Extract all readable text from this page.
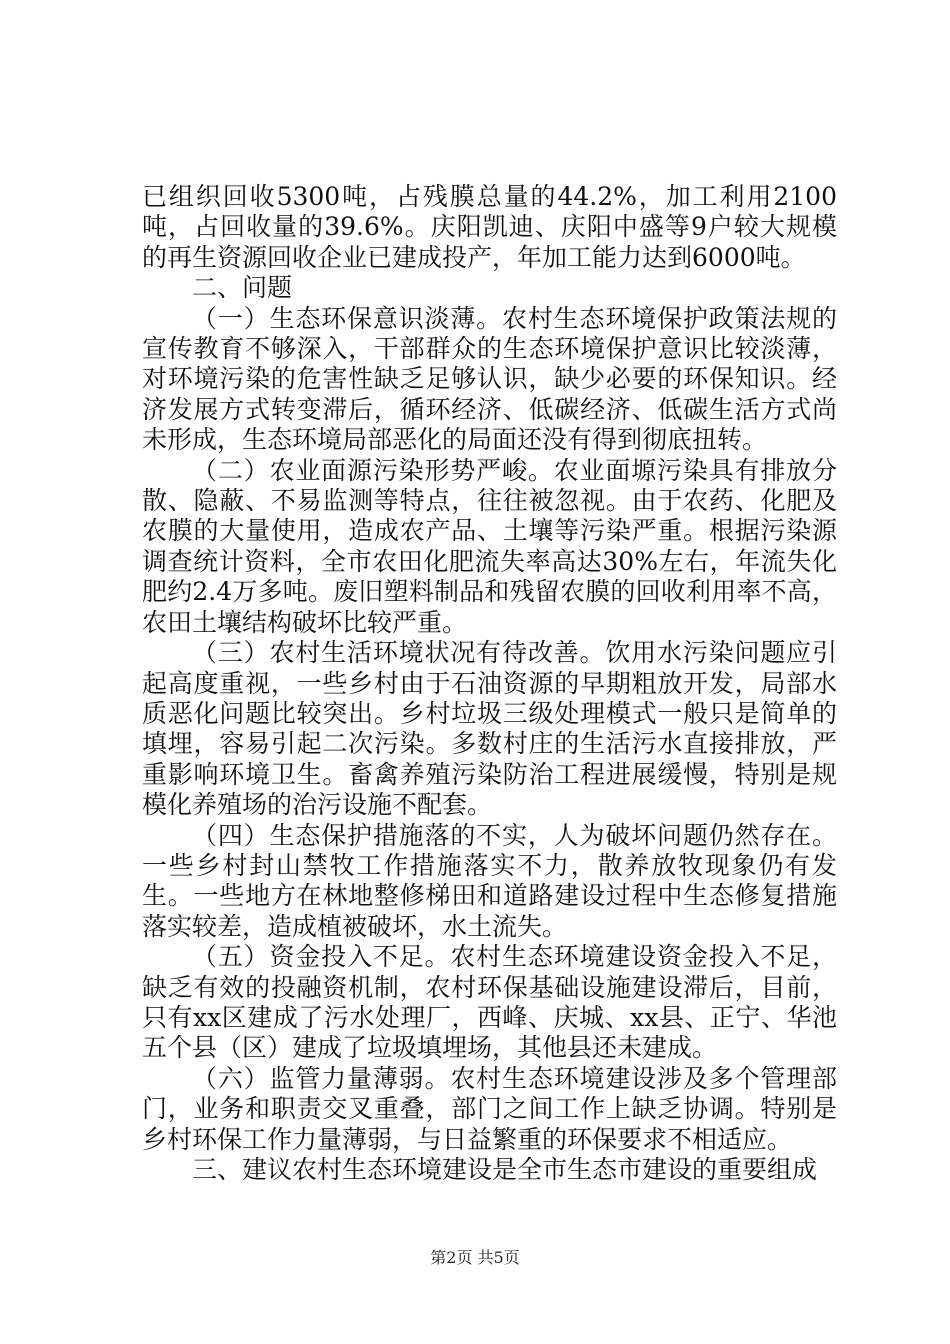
已组织回收5300吨，占残膜总量的44.2%，加工利用2100吨，占回收量的39.6%。庆阳凯迪、庆阳中盛等9户较大规模的再生资源回收企业已建成投产，年加工能力达到6000吨。

二、问题

（一）生态环保意识淡薄。农村生态环境保护政策法规的宣传教育不够深入，干部群众的生态环境保护意识比较淡薄，对环境污染的危害性缺乏足够认识，缺少必要的环保知识。经济发展方式转变滞后，循环经济、低碳经济、低碳生活方式尚未形成，生态环境局部恶化的局面还没有得到彻底扭转。

（二）农业面源污染形势严峻。农业面塬污染具有排放分散、隐蔽、不易监测等特点，往往被忽视。由于农药、化肥及农膜的大量使用，造成农产品、土壤等污染严重。根据污染源调查统计资料，全市农田化肥流失率高达30%左右，年流失化肥约2.4万多吨。废旧塑料制品和残留农膜的回收利用率不高，农田土壤结构破坏比较严重。

（三）农村生活环境状况有待改善。饮用水污染问题应引起高度重视，一些乡村由于石油资源的早期粗放开发，局部水质恶化问题比较突出。乡村垃圾三级处理模式一般只是简单的填埋，容易引起二次污染。多数村庄的生活污水直接排放，严重影响环境卫生。畜禽养殖污染防治工程进展缓慢，特别是规模化养殖场的治污设施不配套。

（四）生态保护措施落的不实，人为破坏问题仍然存在。一些乡村封山禁牧工作措施落实不力，散养放牧现象仍有发生。一些地方在林地整修梯田和道路建设过程中生态修复措施落实较差，造成植被破坏，水土流失。

（五）资金投入不足。农村生态环境建设资金投入不足，缺乏有效的投融资机制，农村环保基础设施建设滞后，目前，只有xx区建成了污水处理厂，西峰、庆城、xx县、正宁、华池五个县（区）建成了垃圾填埋场，其他县还未建成。

（六）监管力量薄弱。农村生态环境建设涉及多个管理部门，业务和职责交叉重叠，部门之间工作上缺乏协调。特别是乡村环保工作力量薄弱，与日益繁重的环保要求不相适应。

三、建议农村生态环境建设是全市生态市建设的重要组成

第2页 共5页
